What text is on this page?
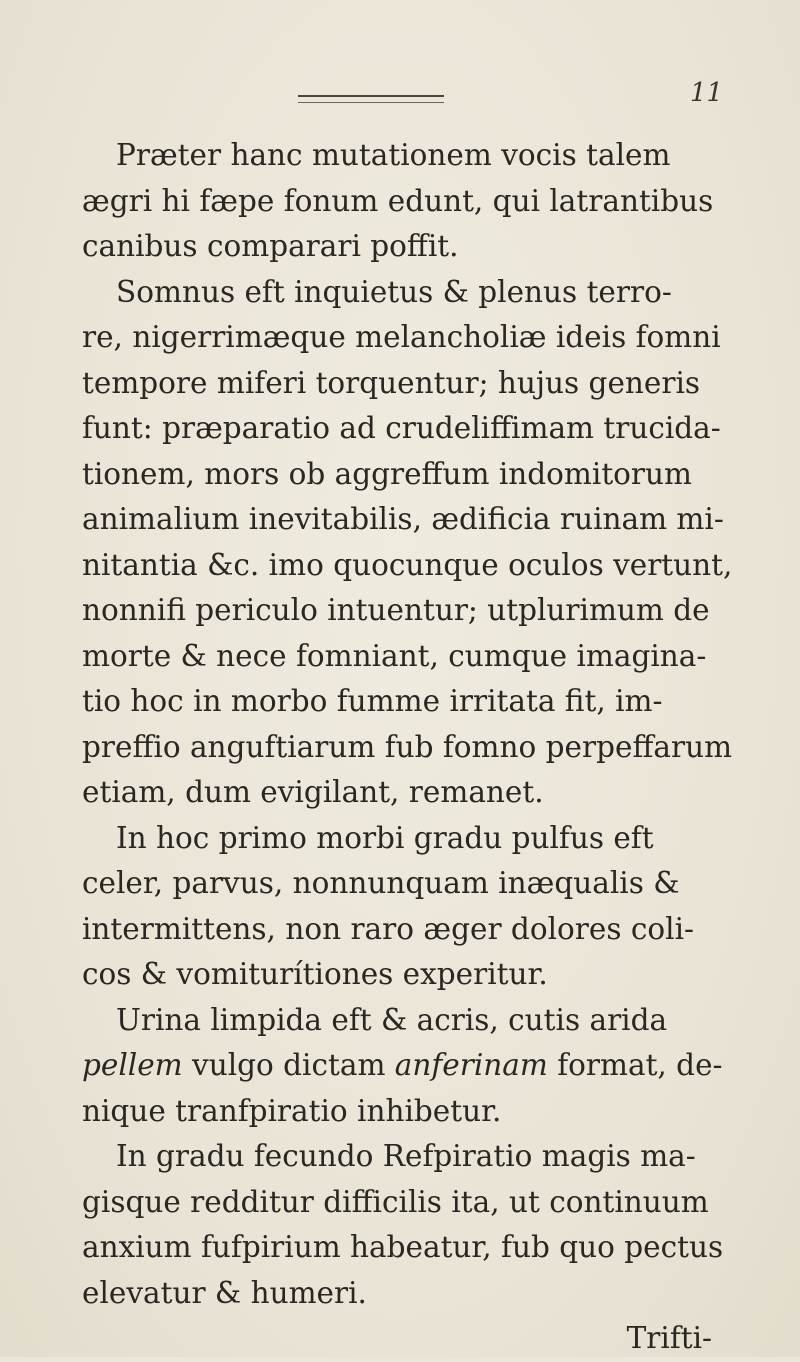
11
Præter hanc mutationem vocis talem
ægri hi fæpe fonum edunt, qui latrantibus
canibus comparari poffit.
Somnus eft inquietus & plenus terro-
re, nigerrimæque melancholiæ ideis fomni
tempore miferi torquentur; hujus generis
funt: præparatio ad crudeliffimam trucida-
tionem, mors ob aggreffum indomitorum
animalium inevitabilis, ædificia ruinam mi-
nitantia &c. imo quocunque oculos vertunt,
nonnifi periculo intuentur; utplurimum de
morte & nece fomniant, cumque imagina-
tio hoc in morbo fumme irritata fit, im-
preffio anguftiarum fub fomno perpeffarum
etiam, dum evigilant, remanet.
In hoc primo morbi gradu pulfus eft
celer, parvus, nonnunquam inæqualis &
intermittens, non raro æger dolores coli-
cos & vomiturítiones experitur.
Urina limpida eft & acris, cutis arida
pellem vulgo dictam anferinam format, de-
nique tranfpiratio inhibetur.
In gradu fecundo Refpiratio magis ma-
gisque redditur difficilis ita, ut continuum
anxium fufpirium habeatur, fub quo pectus
elevatur & humeri.
Trifti-
